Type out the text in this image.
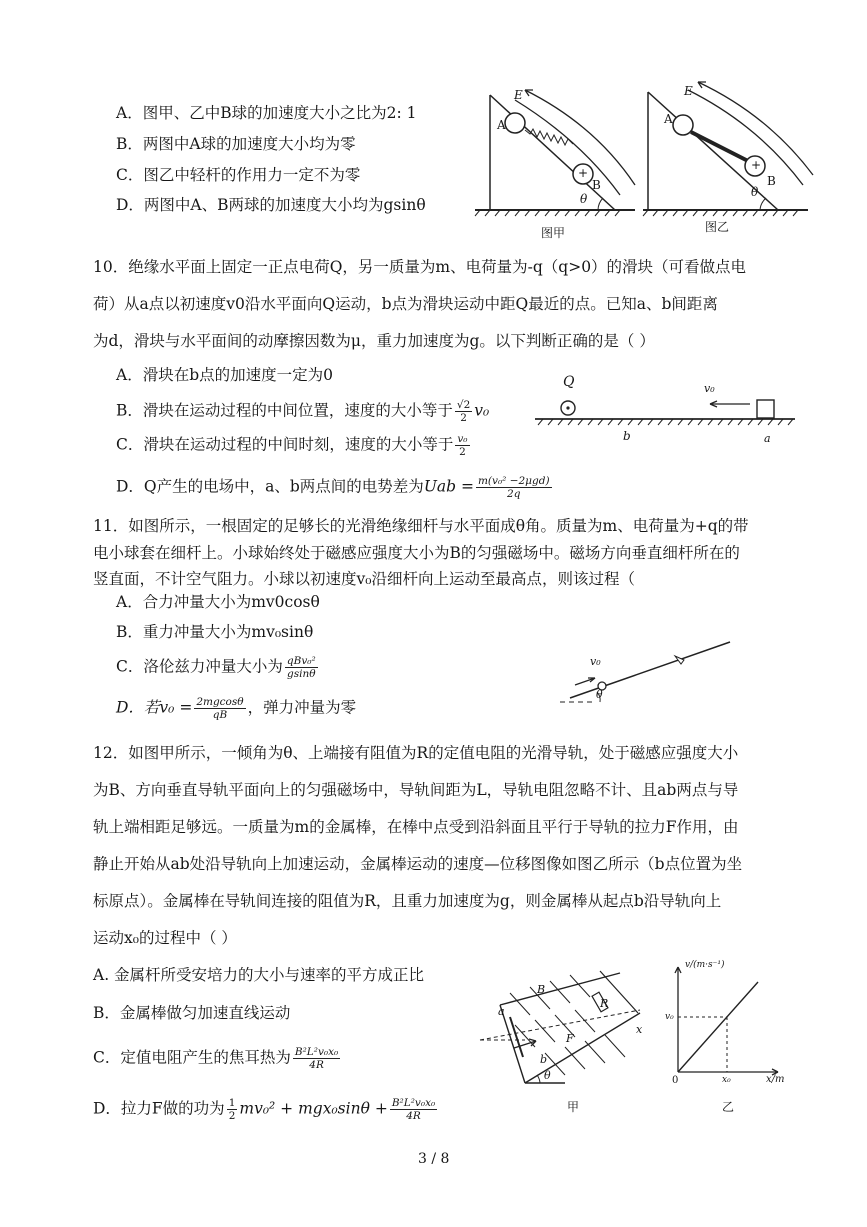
A．图甲、乙中B球的加速度大小之比为2: 1
B．两图中A球的加速度大小均为零
C．图乙中轻杆的作用力一定不为零
D．两图中A、B两球的加速度大小均为gsinθ
E
A
B
+
θ
图甲
E
A
B
+
θ
图乙
10．绝缘水平面上固定一正点电荷Q，另一质量为m、电荷量为-q（q>0）的滑块（可看做点电
荷）从a点以初速度v0沿水平面向Q运动，b点为滑块运动中距Q最近的点。已知a、b间距离
为d，滑块与水平面间的动摩擦因数为μ，重力加速度为g。以下判断正确的是（ ）
A．滑块在b点的加速度一定为0
B．滑块在运动过程的中间位置，速度的大小等于 $\frac{√2}{2} v_0$
C．滑块在运动过程的中间时刻，速度的大小等于 $\frac{\text{v₀}}{2}$
D．Q产生的电场中，a、b两点间的电势差为Uab = $\frac{\text{m(v₀² −2μgd)}}{2q}$
Q	v₀
b	a
11．如图所示，一根固定的足够长的光滑绝缘细杆与水平面成θ角。质量为m、电荷量为+q的带
电小球套在细杆上。小球始终处于磁感应强度大小为B的匀强磁场中。磁场方向垂直细杆所在的
竖直面，不计空气阻力。小球以初速度v₀沿细杆向上运动至最高点，则该过程（
A．合力冲量大小为mv0cosθ
B．重力冲量大小为mv₀sinθ
C．洛伦兹力冲量大小为 $\frac{\text{qBv₀²}}{gsin\theta}$
D．若$v_0 = \frac{2mgcos\theta}{qB}$ ，弹力冲量为零
v₀
θ
12．如图甲所示，一倾角为θ、上端接有阻值为R的定值电阻的光滑导轨，处于磁感应强度大小
为B、方向垂直导轨平面向上的匀强磁场中，导轨间距为L，导轨电阻忽略不计、且ab两点与导
轨上端相距足够远。一质量为m的金属棒，在棒中点受到沿斜面且平行于导轨的拉力F作用，由
静止开始从ab处沿导轨向上加速运动，金属棒运动的速度—位移图像如图乙所示（b点位置为坐
标原点）。金属棒在导轨间连接的阻值为R，且重力加速度为g，则金属棒从起点b沿导轨向上
运动x₀的过程中（ ）
A. 金属杆所受安培力的大小与速率的平方成正比
B．金属棒做匀加速直线运动
C．定值电阻产生的焦耳热为 $\frac{\text{B²L²v₀x₀}}{4R}$
D．拉力F做的功为 $\frac{1}{2} mv_0^2 + mgx_0\sin\theta + \frac{\text{B²L²v₀x₀}}{4R}$
B
R
F
a
b
x
θ
甲
v/(m·s⁻¹)
x/m
0
v₀
x₀
乙
3 / 8
